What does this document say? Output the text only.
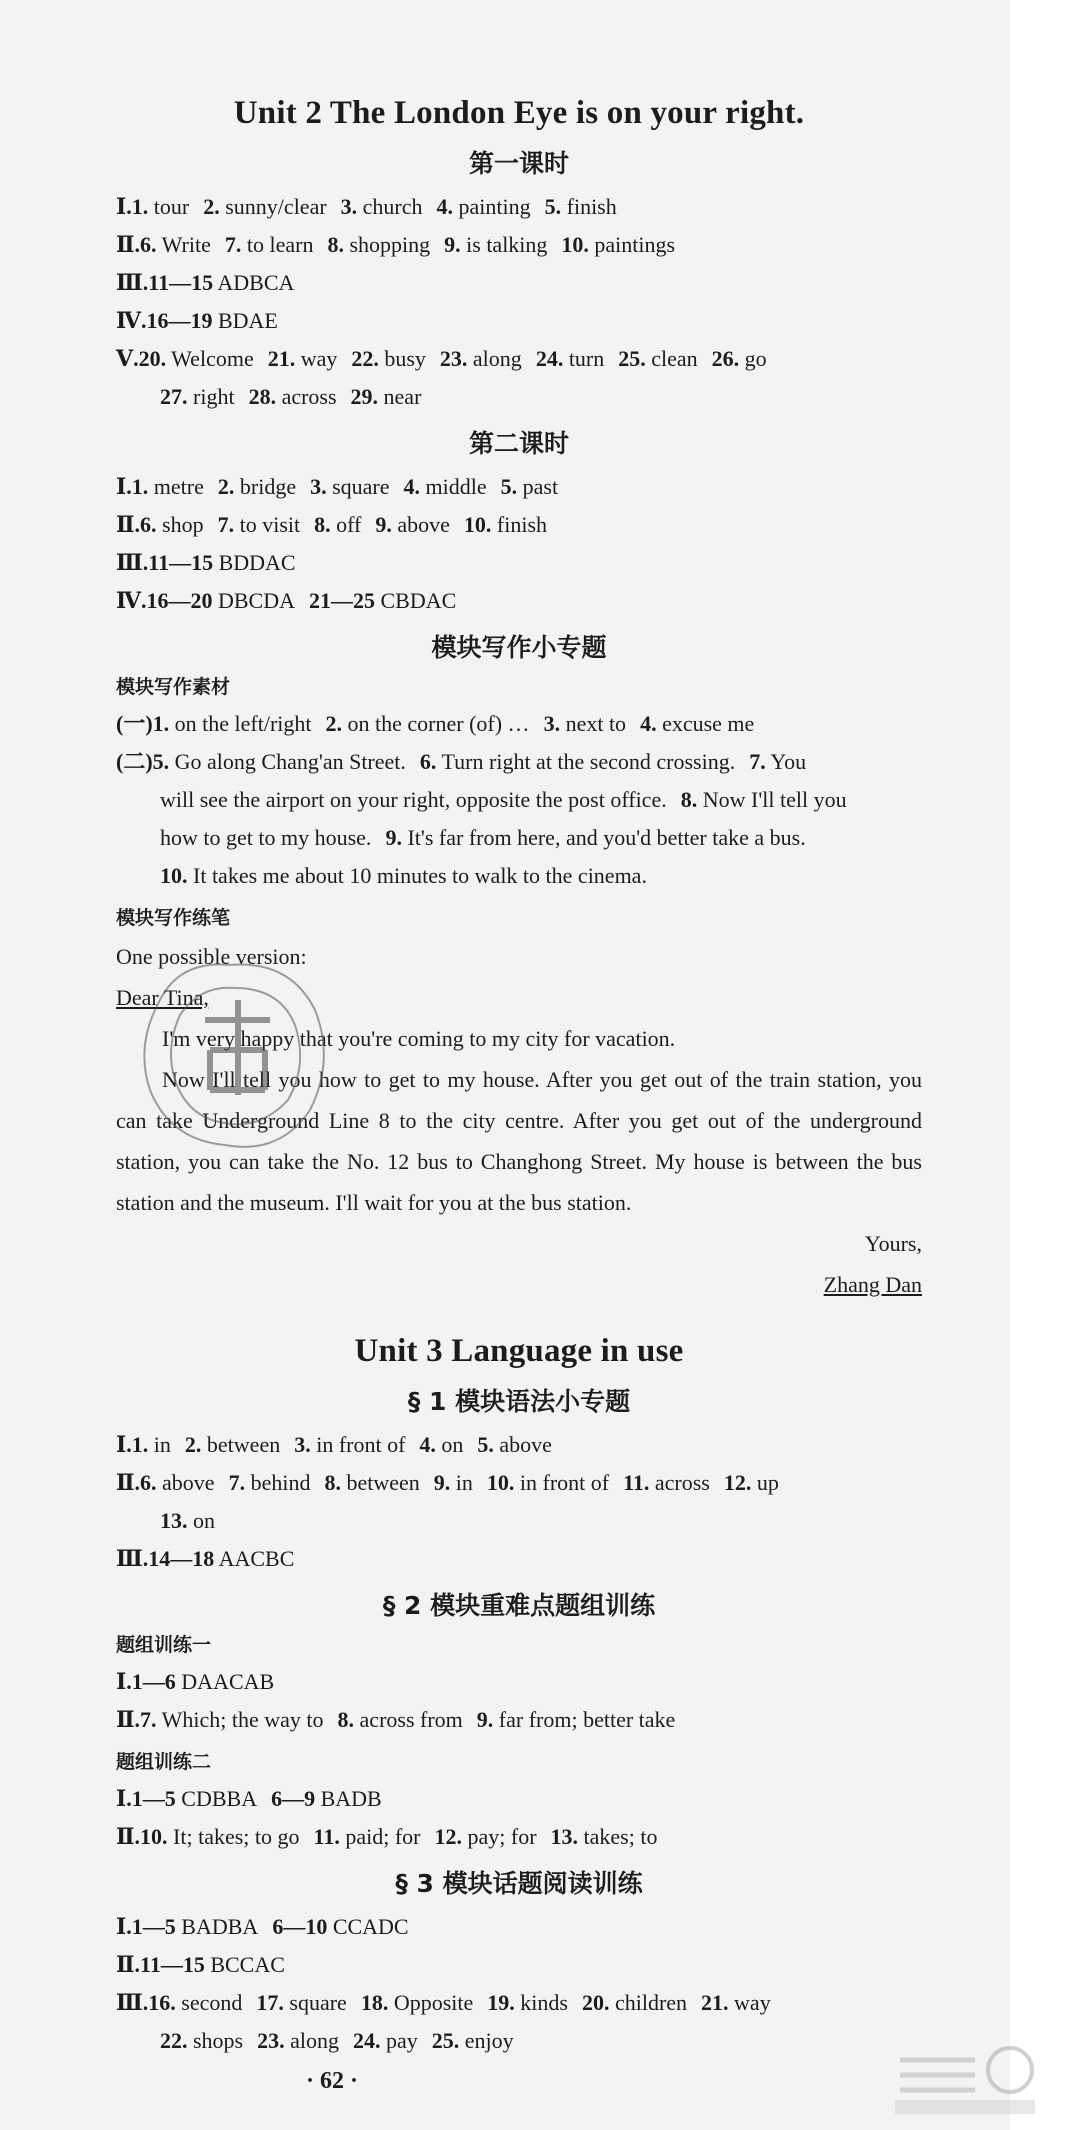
Unit 2 The London Eye is on your right.
第一课时
Ⅰ.1. tour 2. sunny/clear 3. church 4. painting 5. finish
Ⅱ.6. Write 7. to learn 8. shopping 9. is talking 10. paintings
Ⅲ.11—15 ADBCA
Ⅳ.16—19 BDAE
Ⅴ.20. Welcome 21. way 22. busy 23. along 24. turn 25. clean 26. go
27. right 28. across 29. near
第二课时
Ⅰ.1. metre 2. bridge 3. square 4. middle 5. past
Ⅱ.6. shop 7. to visit 8. off 9. above 10. finish
Ⅲ.11—15 BDDAC
Ⅳ.16—20 DBCDA 21—25 CBDAC
模块写作小专题
模块写作素材
(一)1. on the left/right 2. on the corner (of) … 3. next to 4. excuse me
(二)5. Go along Chang'an Street. 6. Turn right at the second crossing. 7. You
will see the airport on your right, opposite the post office. 8. Now I'll tell you
how to get to my house. 9. It's far from here, and you'd better take a bus.
10. It takes me about 10 minutes to walk to the cinema.
模块写作练笔
One possible version:
Dear Tina,
I'm very happy that you're coming to my city for vacation.
Now I'll tell you how to get to my house. After you get out of the train station, you can take Underground Line 8 to the city centre. After you get out of the underground station, you can take the No. 12 bus to Changhong Street. My house is between the bus station and the museum. I'll wait for you at the bus station.
Yours,
Zhang Dan
Unit 3 Language in use
§ 1 模块语法小专题
Ⅰ.1. in 2. between 3. in front of 4. on 5. above
Ⅱ.6. above 7. behind 8. between 9. in 10. in front of 11. across 12. up
13. on
Ⅲ.14—18 AACBC
§ 2 模块重难点题组训练
题组训练一
Ⅰ.1—6 DAACAB
Ⅱ.7. Which; the way to 8. across from 9. far from; better take
题组训练二
Ⅰ.1—5 CDBBA 6—9 BADB
Ⅱ.10. It; takes; to go 11. paid; for 12. pay; for 13. takes; to
§ 3 模块话题阅读训练
Ⅰ.1—5 BADBA 6—10 CCADC
Ⅱ.11—15 BCCAC
Ⅲ.16. second 17. square 18. Opposite 19. kinds 20. children 21. way
22. shops 23. along 24. pay 25. enjoy
· 62 ·
